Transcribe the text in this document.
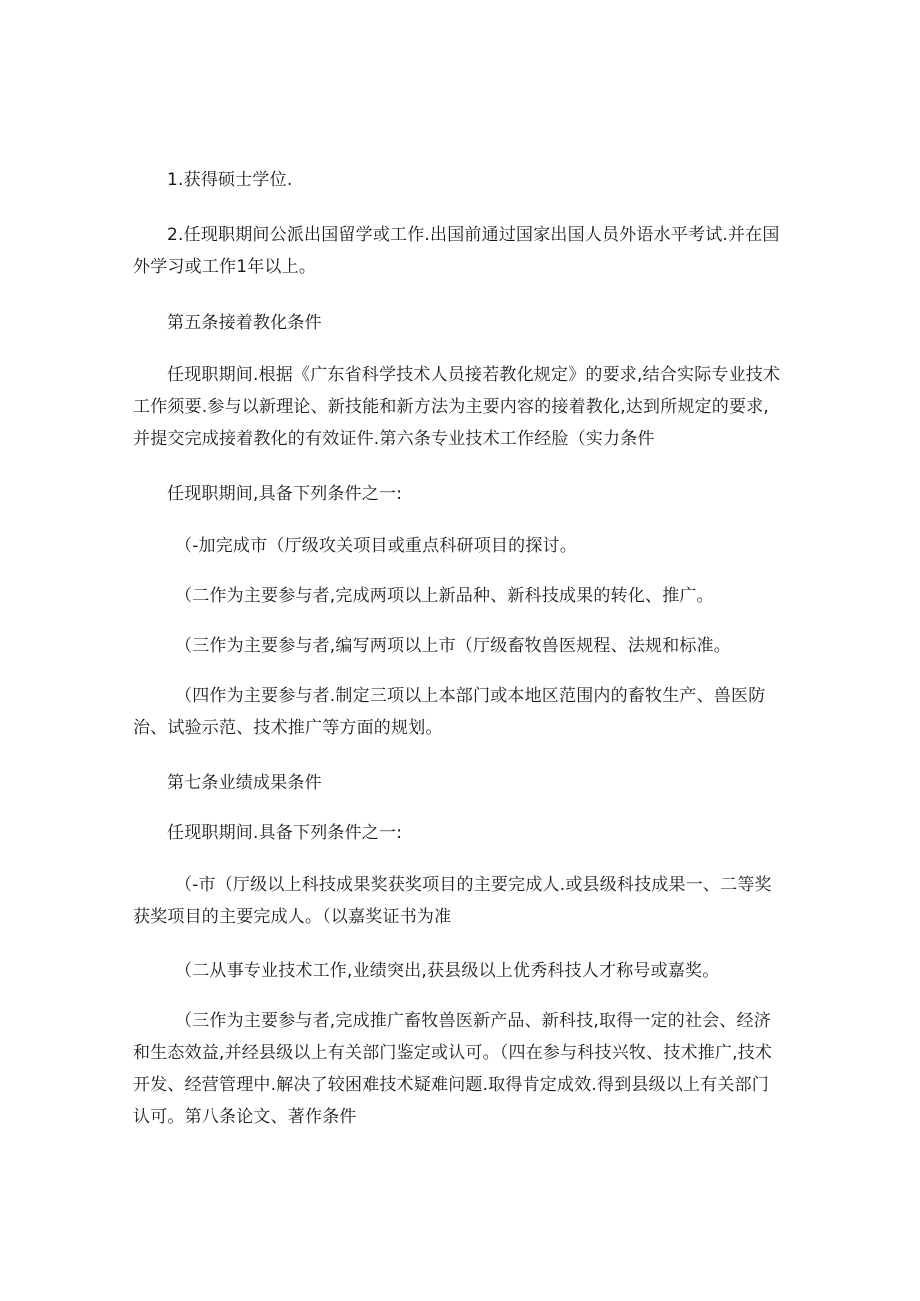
1.获得硕士学位.

2.任现职期间公派出国留学或工作.出国前通过国家出国人员外语水平考试.并在国外学习或工作1年以上。

第五条接着教化条件

任现职期间.根据《广东省科学技术人员接若教化规定》的要求,结合实际专业技术工作须要.参与以新理论、新技能和新方法为主要内容的接着教化,达到所规定的要求,并提交完成接着教化的有效证件.第六条专业技术工作经脸（实力条件

任现职期间,具备下列条件之一:

（-加完成市（厅级攻关项目或重点科研项目的探讨。

（二作为主要参与者,完成两项以上新品种、新科技成果的转化、推广。

（三作为主要参与者,编写两项以上市（厅级畜牧兽医规程、法规和标准。

（四作为主要参与者.制定三项以上本部门或本地区范围内的畜牧生产、兽医防治、试验示范、技术推广等方面的规划。

第七条业绩成果条件

任现职期间.具备下列条件之一:

（-市（厅级以上科技成果奖获奖项目的主要完成人.或县级科技成果一、二等奖获奖项目的主要完成人。（以嘉奖证书为准

（二从事专业技术工作,业绩突出,获县级以上优秀科技人才称号或嘉奖。

（三作为主要参与者,完成推广畜牧兽医新产品、新科技,取得一定的社会、经济和生态效益,并经县级以上有关部门鉴定或认可。（四在参与科技兴牧、技术推广,技术开发、经营管理中.解决了较困难技术疑难问题.取得肯定成效.得到县级以上有关部门认可。第八条论文、著作条件
